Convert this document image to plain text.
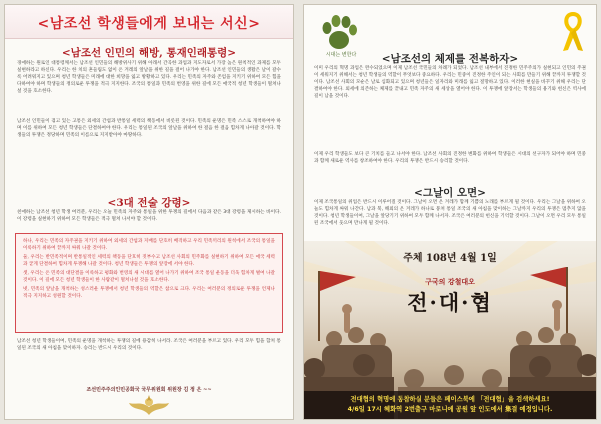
<남조선 학생들에게 보내는 서신>
<남조선 인민의 해방, 통재인래통령>
경애하는 원로인 대통령께서는 남조선 인민들의 해방위사기 위해 아래서 간곡한 과업과 지도자로서 가장 높은 원칙적인 과제를 모두 실현하라고 하신다. 우리는 한 치의 흔들림도 없이 온 겨레의 앞날을 위한 길을 걸어 나가야 한다. 남조선 인민들의 생활은 날이 갈수록 어려워지고 있으며 청년 학생들은 미래에 대한 희망을 잃고 방황하고 있다. 우리는 민족의 자주와 존엄을 지키기 위하여 모든 힘을 다하여야 하며 학생들의 정의로운 투쟁을 적극 지지한다. 조국의 통일과 민족의 번영을 위한 길에 모든 애국적 청년 학생들이 떨쳐나설 것을 호소한다.
남조선 인민들이 겪고 있는 고통은 외세의 간섭과 반통일 세력의 책동에서 비롯된 것이다. 민족의 운명은 민족 스스로 개척하여야 하며 이를 위하여 모든 청년 학생들은 단결하여야 한다. 우리는 통일된 조국의 앞날을 위하여 한 걸음 한 걸음 힘차게 나아갈 것이다. 학생들의 투쟁은 정당하며 민족의 이름으로 지지받아야 마땅하다.
<3대 전술 강령>
친애하는 남조선 청년 학생 여러분, 우리는 오늘 민족의 자주와 통일을 위한 투쟁의 길에서 다음과 같은 3대 강령을 제시하는 바이다. 이 강령을 실현하기 위하여 모든 학생들은 적극 떨쳐 나서야 할 것이다.

하나, 우리는 민족의 자주권을 지키기 위하여 외세의 간섭과 지배를 단호히 배격하고 우리 민족끼리의 원칙에서 조국의 통일을 이룩하기 위하여 끝까지 싸워 나갈 것이다.

둘, 우리는 반민족적이며 반통일적인 세력의 책동을 단호히 짓부수고 남조선 사회의 민주화를 실현하기 위하여 모든 애국 세력과 굳게 단결하여 힘차게 투쟁해 나갈 것이다. 청년 학생들은 투쟁의 앞장에 서야 한다.

셋, 우리는 온 민족의 대단결을 이룩하고 평화와 번영의 새 시대를 열어 나가기 위하여 조국 통일 운동을 더욱 힘차게 벌여 나갈 것이다. 이 길에 모든 청년 학생들이 한 사람같이 떨쳐나설 것을 호소한다.

넷, 민족의 앞날을 개척하는 성스러운 투쟁에서 청년 학생들의 역할은 참으로 크다. 우리는 여러분의 정의로운 투쟁을 언제나 적극 지지하고 성원할 것이다.

남조선 청년 학생들이여, 민족의 운명을 개척하는 투쟁의 길에 용감히 나서라. 조국은 여러분을 부르고 있다. 우리 모두 힘을 합쳐 통일된 조국의 새 아침을 맞이하자. 승리는 반드시 우리의 것이다.
조선민주주의인민공화국 국무위원회 위원장 김 정 은 ~~
시대는 변한다	<남조선의 체제를 전복하자>
이미 우리의 혁명 과업은 완수되었으며 이제 남조선 국민들의 차례가 되었다. 남조선 내부에서 진정한 민주주의가 실현되고 인민의 주권이 세워지기 위해서는 청년 학생들의 역할이 무엇보다 중요하다. 우리는 민중이 진정한 주인이 되는 사회를 만들기 위해 끝까지 투쟁할 것이다. 남조선 사회의 모순은 날로 심화되고 있으며 청년들은 일자리와 미래를 잃고 절망하고 있다. 이러한 현실을 바꾸기 위해 우리는 단결하여야 한다. 외세에 의존하는 체제를 끝내고 민족 자주의 새 세상을 열어야 한다. 이 투쟁에 앞장서는 학생들의 용기와 헌신은 역사에 길이 남을 것이다.
이제 우리 학생들도 보다 큰 기치를 들고 나서야 한다. 남조선 사회의 진정한 변화를 위하여 학생들은 시대의 선구자가 되어야 하며 민중과 함께 새로운 역사를 창조하여야 한다. 우리의 투쟁은 반드시 승리할 것이다.
<그날이 오면>
이제 조국통일의 위업은 반드시 이루어질 것이다. 그날이 오면 온 겨레가 함께 기쁨의 노래를 부르게 될 것이다. 우리는 그날을 위하여 오늘도 힘차게 싸워 나간다. 남과 북, 해외의 온 겨레가 하나로 뭉쳐 통일 조국의 새 아침을 맞이하는 그날까지 우리의 투쟁은 멈추지 않을 것이다. 청년 학생들이여, 그날을 앞당기기 위하여 모두 함께 나서자. 조국은 여러분의 헌신을 기억할 것이다. 그날이 오면 우리 모두 통일된 조국에서 웃으며 만나게 될 것이다.
주체 108년 4월 1일
구국의 강철대오
전·대·협
전대협의 혁명에 동참하실 분들은 페이스북에 「전대협」을 검색하세요!
4/6일 17시 혜화역 2번출구 마로니에 공원 앞 인도에서 集결 예정입니다.
